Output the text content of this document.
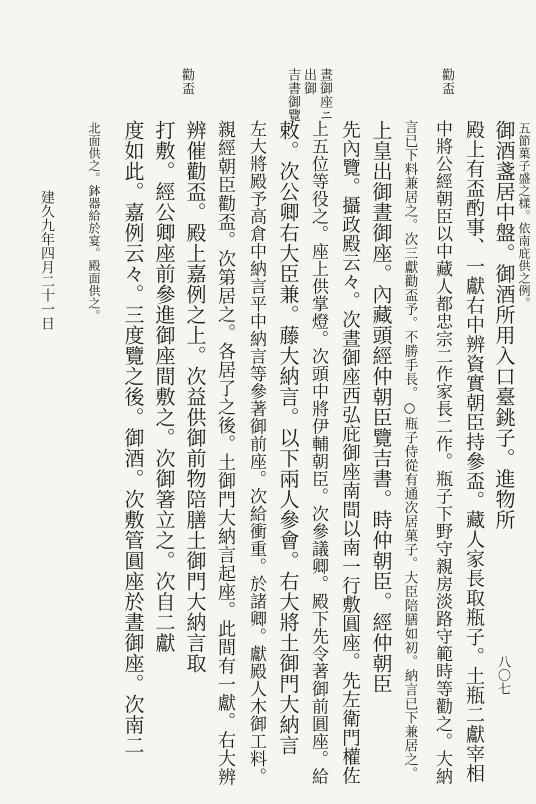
勸盃
晝御座ニ
出御
吉書御覽
勸盃
御酒盞居中盤。御酒所用入口臺銚子。進物所
殿上有盃酌事、一獻右中辨資實朝臣持參盃。藏人家長取瓶子。土瓶二獻宰相
中將公經朝臣以中藏人都忠宗二作家長二作。瓶子下野守親房淡路守範時等勸之。大納
言已下料兼居之。次三獻勸盃予。不勝手長。○瓶子侍從有通次居菓子。大臣陪膳如初。納言已下兼居之。
上皇出御晝御座。內藏頭經仲朝臣覽吉書。時仲朝臣。經仲朝臣
先內覽。攝政殿云々。次晝御座西弘庇御座南間以南一行敷圓座。先左衛門權佐
上五位等役之。座上供掌燈。次頭中將伊輔朝臣。次參議卿。殿下先令著御前圓座。給
敕。次公卿右大臣兼。藤大納言。以下兩人參會。右大將土御門大納言
左大將殿予高倉中納言平中納言等參著御前座。次給衝重。於諸卿。獻殿人木御工料。
親經朝臣勸盃。次第居之。各居了之後。土御門大納言起座。此間有一獻。右大辨
辨催勸盃。殿上嘉例之上。次益供御前物陪膳土御門大納言取
打敷。經公卿座前參進御座間敷之。次御箸立之。次自二獻
度如此。嘉例云々。三度覽之後。御酒。次敷管圓座於晝御座。次南二	五節菓子盛之樣。依南庇供之例。
北面供之。鉢器給於宴。殿面供之。
建久九年四月二十一日
八〇七
